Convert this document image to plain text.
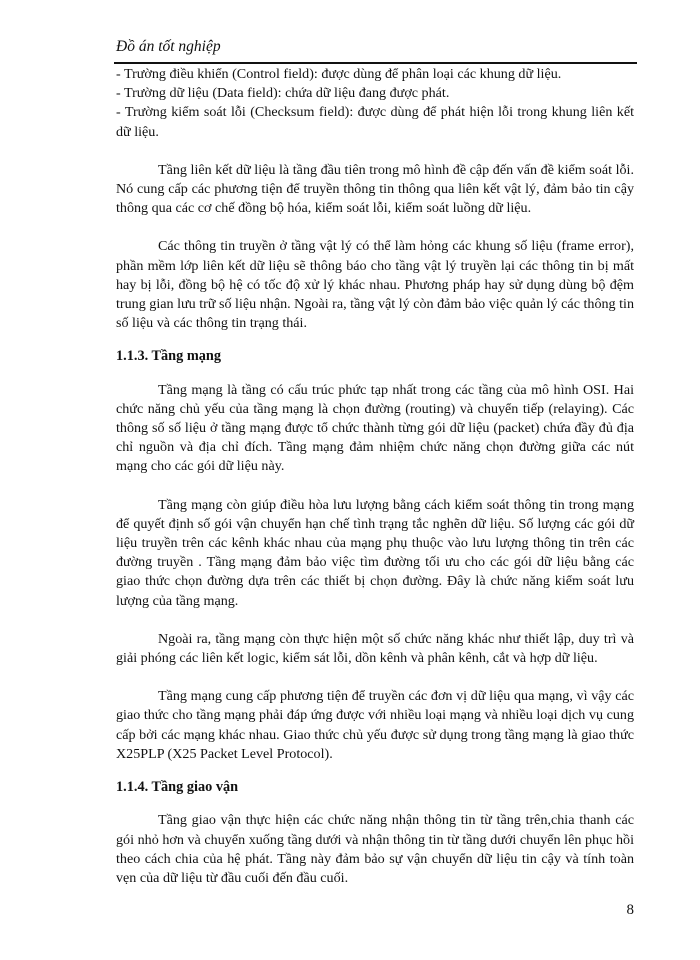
Đồ án tốt nghiệp

- Trường điều khiển (Control field): được dùng để phân loại các khung dữ liệu.

- Trường dữ liệu (Data field): chứa dữ liệu đang được phát.

- Trường kiểm soát lỗi (Checksum field): được dùng để phát hiện lỗi trong khung liên kết dữ liệu.

Tầng liên kết dữ liệu là tầng đầu tiên trong mô hình đề cập đến vấn đề kiểm soát lỗi. Nó cung cấp các phương tiện để truyền thông tin thông qua liên kết vật lý, đảm bảo tin cậy thông qua các cơ chế đồng bộ hóa, kiểm soát lỗi, kiểm soát luồng dữ liệu.

Các thông tin truyền ở tầng vật lý có thể làm hỏng các khung số liệu (frame error), phần mềm lớp liên kết dữ liệu sẽ thông báo cho tầng vật lý truyền lại các thông tin bị mất hay bị lỗi, đồng bộ hệ có tốc độ xử lý khác nhau. Phương pháp hay sử dụng dùng bộ đệm trung gian lưu trữ số liệu nhận. Ngoài ra, tầng vật lý còn đảm bảo việc quản lý các thông tin số liệu và các thông tin trạng thái.

1.1.3. Tầng mạng

Tầng mạng là tầng có cấu trúc phức tạp nhất trong các tầng của mô hình OSI. Hai chức năng chủ yếu của tầng mạng là chọn đường (routing) và chuyển tiếp (relaying). Các thông số số liệu ở tầng mạng được tổ chức thành từng gói dữ liệu (packet) chứa đầy đủ địa chỉ nguồn và địa chỉ đích. Tầng mạng đảm nhiệm chức năng chọn đường giữa các nút mạng cho các gói dữ liệu này.

Tầng mạng còn giúp điều hòa lưu lượng bằng cách kiểm soát thông tin trong mạng để quyết định số gói vận chuyển hạn chế tình trạng tắc nghẽn dữ liệu. Số lượng các gói dữ liệu truyền trên các kênh khác nhau của mạng phụ thuộc vào lưu lượng thông tin trên các đường truyền . Tầng mạng đảm bảo việc tìm đường tối ưu cho các gói dữ liệu bằng các giao thức chọn đường dựa trên các thiết bị chọn đường. Đây là chức năng kiểm soát lưu lượng của tầng mạng.

Ngoài ra, tầng mạng còn thực hiện một số chức năng khác như thiết lập, duy trì và giải phóng các liên kết logic, kiểm sát lỗi, dồn kênh và phân kênh, cắt và hợp dữ liệu.

Tầng mạng cung cấp phương tiện để truyền các đơn vị dữ liệu qua mạng, vì vậy các giao thức cho tầng mạng phải đáp ứng được với nhiều loại mạng và nhiều loại dịch vụ cung cấp bởi các mạng khác nhau. Giao thức chủ yếu được sử dụng trong tầng mạng là giao thức X25PLP (X25 Packet Level Protocol).

1.1.4. Tầng giao vận

Tầng giao vận thực hiện các chức năng nhận thông tin từ tầng trên,chia thanh các gói nhỏ hơn và chuyển xuống tầng dưới và nhận thông tin từ tầng dưới chuyển lên phục hồi theo cách chia của hệ phát. Tầng này đảm bảo sự vận chuyển dữ liệu tin cậy và tính toàn vẹn của dữ liệu từ đầu cuối đến đầu cuối.

8
